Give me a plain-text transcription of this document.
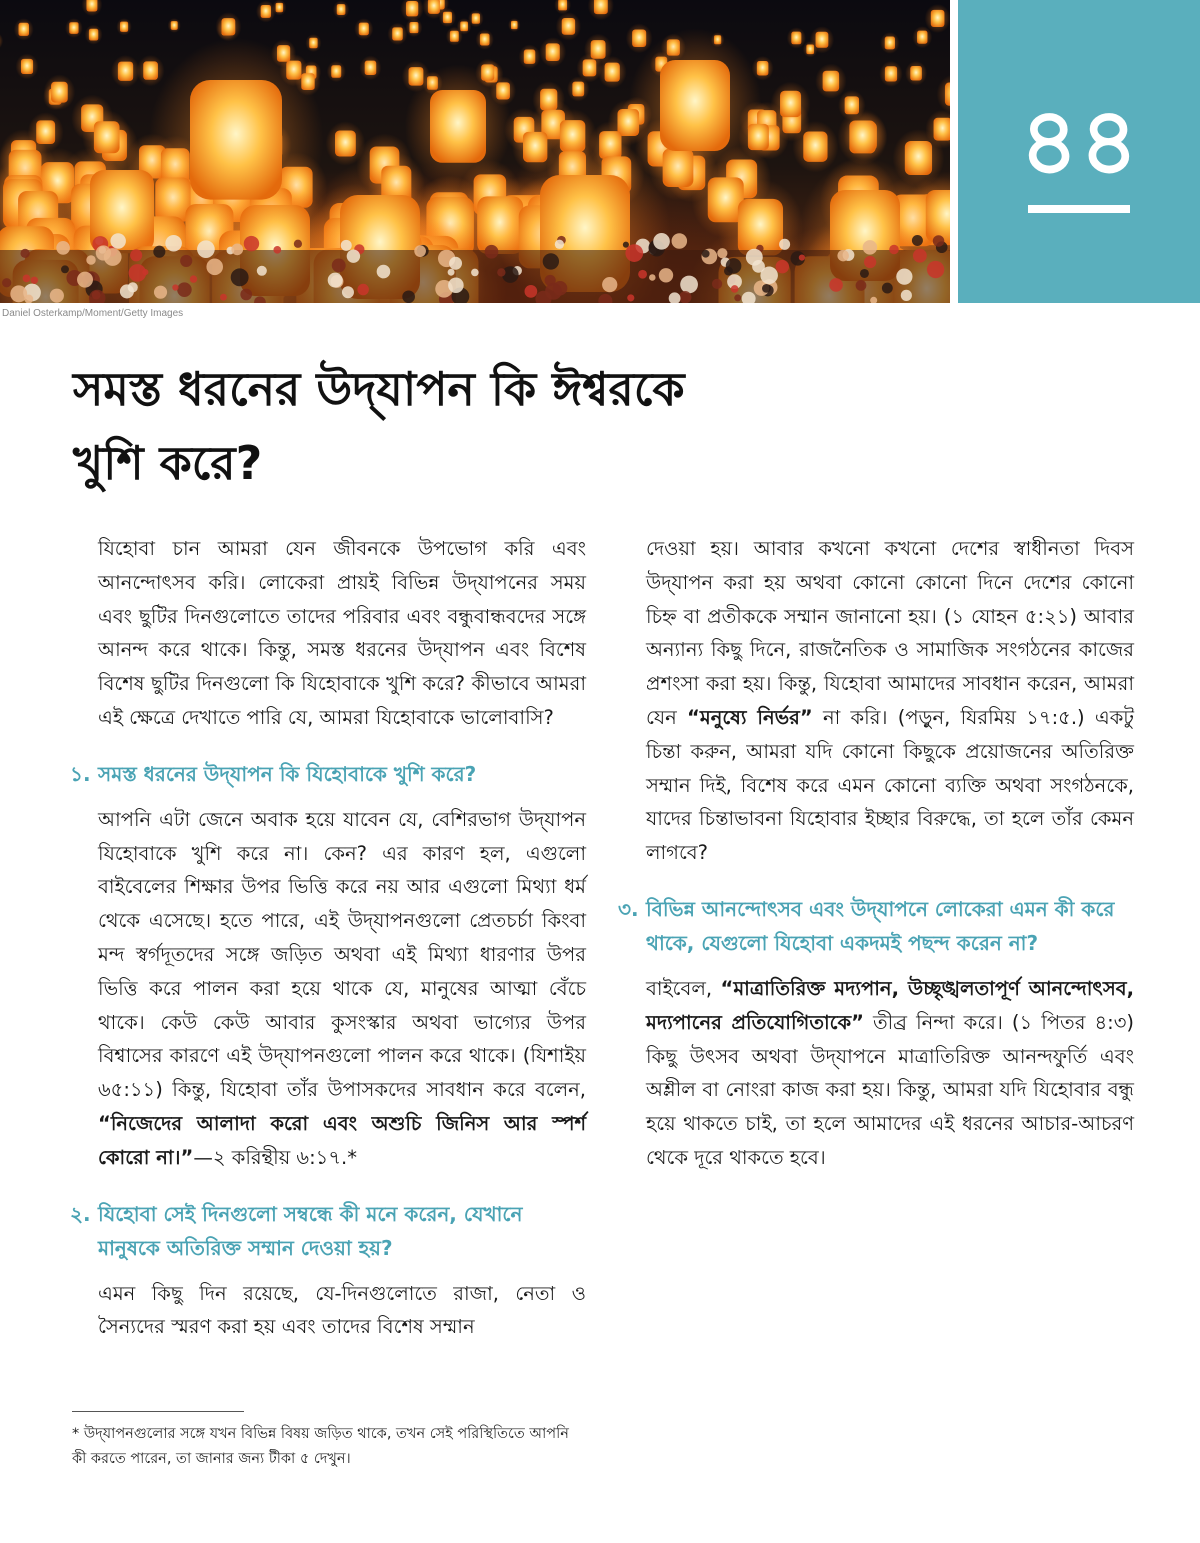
৪৪
Daniel Osterkamp/Moment/Getty Images
সমস্ত ধরনের উদ্‌যাপন কি ঈশ্বরকে খুশি করে?

যিহোবা চান আমরা যেন জীবনকে উপভোগ করি এবং আনন্দোৎসব করি। লোকেরা প্রায়ই বিভিন্ন উদ্‌যাপনের সময় এবং ছুটির দিনগুলোতে তাদের পরিবার এবং বন্ধুবান্ধবদের সঙ্গে আনন্দ করে থাকে। কিন্তু, সমস্ত ধরনের উদ্‌যাপন এবং বিশেষ বিশেষ ছুটির দিনগুলো কি যিহোবাকে খুশি করে? কীভাবে আমরা এই ক্ষেত্রে দেখাতে পারি যে, আমরা যিহোবাকে ভালোবাসি?

১. সমস্ত ধরনের উদ্‌যাপন কি যিহোবাকে খুশি করে?

আপনি এটা জেনে অবাক হয়ে যাবেন যে, বেশিরভাগ উদ্‌যাপন যিহোবাকে খুশি করে না। কেন? এর কারণ হল, এগুলো বাইবেলের শিক্ষার উপর ভিত্তি করে নয় আর এগুলো মিথ্যা ধর্ম থেকে এসেছে। হতে পারে, এই উদ্‌যাপনগুলো প্রেতচর্চা কিংবা মন্দ স্বর্গদূতদের সঙ্গে জড়িত অথবা এই মিথ্যা ধারণার উপর ভিত্তি করে পালন করা হয়ে থাকে যে, মানুষের আত্মা বেঁচে থাকে। কেউ কেউ আবার কুসংস্কার অথবা ভাগ্যের উপর বিশ্বাসের কারণে এই উদ্‌যাপনগুলো পালন করে থাকে। (যিশাইয় ৬৫:১১) কিন্তু, যিহোবা তাঁর উপাসকদের সাবধান করে বলেন, “নিজেদের আলাদা করো এবং অশুচি জিনিস আর স্পর্শ কোরো না।”—২ করিন্থীয় ৬:১৭.*

২. যিহোবা সেই দিনগুলো সম্বন্ধে কী মনে করেন, যেখানে মানুষকে অতিরিক্ত সম্মান দেওয়া হয়?

এমন কিছু দিন রয়েছে, যে-দিনগুলোতে রাজা, নেতা ও সৈন্যদের স্মরণ করা হয় এবং তাদের বিশেষ সম্মান

দেওয়া হয়। আবার কখনো কখনো দেশের স্বাধীনতা দিবস উদ্‌যাপন করা হয় অথবা কোনো কোনো দিনে দেশের কোনো চিহ্ন বা প্রতীককে সম্মান জানানো হয়। (১ যোহন ৫:২১) আবার অন্যান্য কিছু দিনে, রাজনৈতিক ও সামাজিক সংগঠনের কাজের প্রশংসা করা হয়। কিন্তু, যিহোবা আমাদের সাবধান করেন, আমরা যেন “মনুষ্যে নির্ভর” না করি। (পড়ুন, যিরমিয় ১৭:৫.) একটু চিন্তা করুন, আমরা যদি কোনো কিছুকে প্রয়োজনের অতিরিক্ত সম্মান দিই, বিশেষ করে এমন কোনো ব্যক্তি অথবা সংগঠনকে, যাদের চিন্তাভাবনা যিহোবার ইচ্ছার বিরুদ্ধে, তা হলে তাঁর কেমন লাগবে?

৩. বিভিন্ন আনন্দোৎসব এবং উদ্‌যাপনে লোকেরা এমন কী করে থাকে, যেগুলো যিহোবা একদমই পছন্দ করেন না?

বাইবেল, “মাত্রাতিরিক্ত মদ্যপান, উচ্ছৃঙ্খলতাপূর্ণ আনন্দোৎসব, মদ্যপানের প্রতিযোগিতাকে” তীব্র নিন্দা করে। (১ পিতর ৪:৩) কিছু উৎসব অথবা উদ্‌যাপনে মাত্রাতিরিক্ত আনন্দফুর্তি এবং অশ্লীল বা নোংরা কাজ করা হয়। কিন্তু, আমরা যদি যিহোবার বন্ধু হয়ে থাকতে চাই, তা হলে আমাদের এই ধরনের আচার-আচরণ থেকে দূরে থাকতে হবে।

* উদ্‌যাপনগুলোর সঙ্গে যখন বিভিন্ন বিষয় জড়িত থাকে, তখন সেই পরিস্থিতিতে আপনি কী করতে পারেন, তা জানার জন্য টীকা ৫ দেখুন।
